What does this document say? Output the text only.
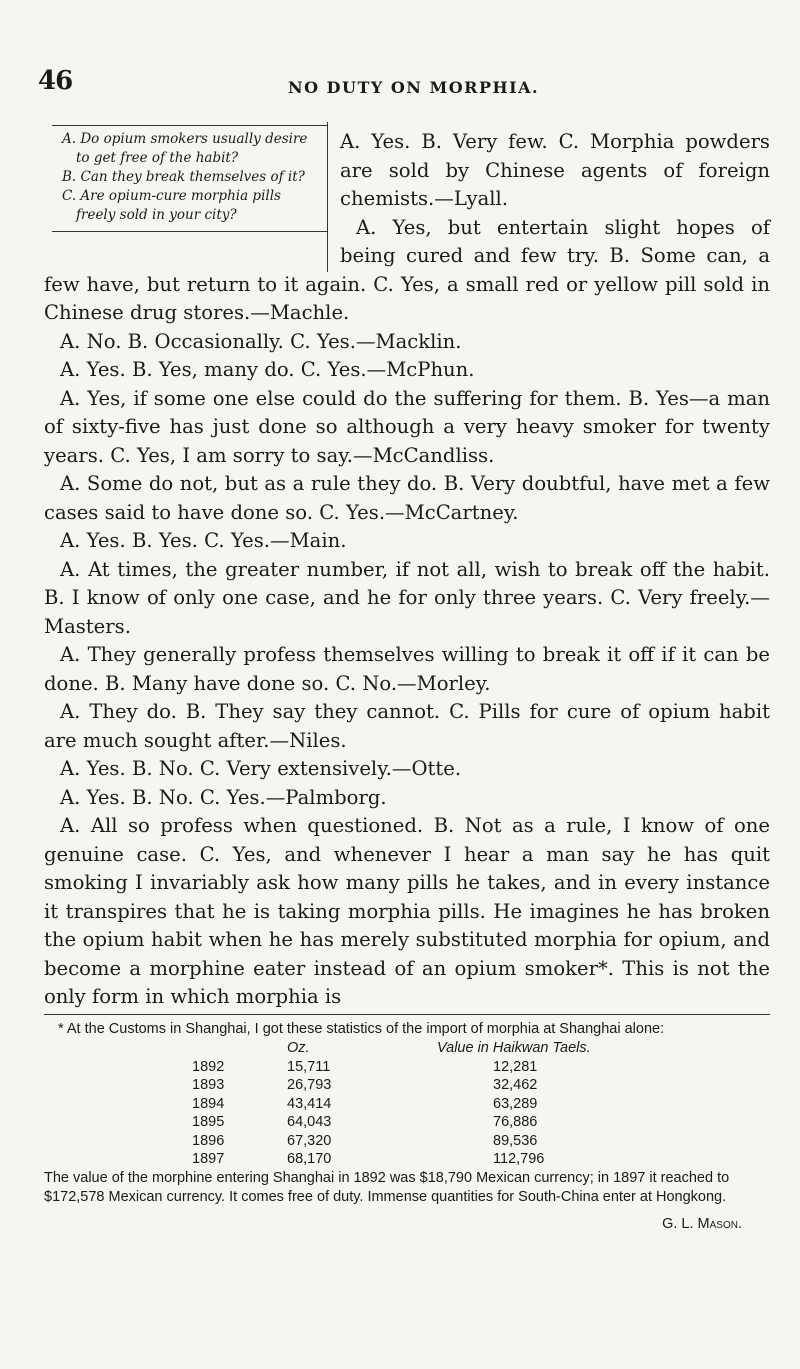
46	NO DUTY ON MORPHIA.
A. Do opium smokers usually desire to get free of the habit?
B. Can they break themselves of it?
C. Are opium-cure morphia pills freely sold in your city?

A. Yes. B. Very few. C. Morphia powders are sold by Chinese agents of foreign chemists.—Lyall.

A. Yes, but entertain slight hopes of being cured and few try. B. Some can, a few have, but return to it again. C. Yes, a small red or yellow pill sold in Chinese drug stores.—Machle.

A. No. B. Occasionally. C. Yes.—Macklin.

A. Yes. B. Yes, many do. C. Yes.—McPhun.

A. Yes, if some one else could do the suffering for them. B. Yes—a man of sixty-five has just done so although a very heavy smoker for twenty years. C. Yes, I am sorry to say.—McCandliss.

A. Some do not, but as a rule they do. B. Very doubtful, have met a few cases said to have done so. C. Yes.—McCartney.

A. Yes. B. Yes. C. Yes.—Main.

A. At times, the greater number, if not all, wish to break off the habit. B. I know of only one case, and he for only three years. C. Very freely.—Masters.

A. They generally profess themselves willing to break it off if it can be done. B. Many have done so. C. No.—Morley.

A. They do. B. They say they cannot. C. Pills for cure of opium habit are much sought after.—Niles.

A. Yes. B. No. C. Very extensively.—Otte.

A. Yes. B. No. C. Yes.—Palmborg.

A. All so profess when questioned. B. Not as a rule, I know of one genuine case. C. Yes, and whenever I hear a man say he has quit smoking I invariably ask how many pills he takes, and in every instance it transpires that he is taking morphia pills. He imagines he has broken the opium habit when he has merely substituted morphia for opium, and become a morphine eater instead of an opium smoker*. This is not the only form in which morphia is

* At the Customs in Shanghai, I got these statistics of the import of morphia at Shanghai alone:
	Oz.	Value in Haikwan Taels.
1892	15,711	12,281
1893	26,793	32,462
1894	43,414	63,289
1895	64,043	76,886
1896	67,320	89,536
1897	68,170	112,796
The value of the morphine entering Shanghai in 1892 was $18,790 Mexican currency; in 1897 it reached to $172,578 Mexican currency. It comes free of duty. Immense quantities for South-China enter at Hongkong.
G. L. Mason.
